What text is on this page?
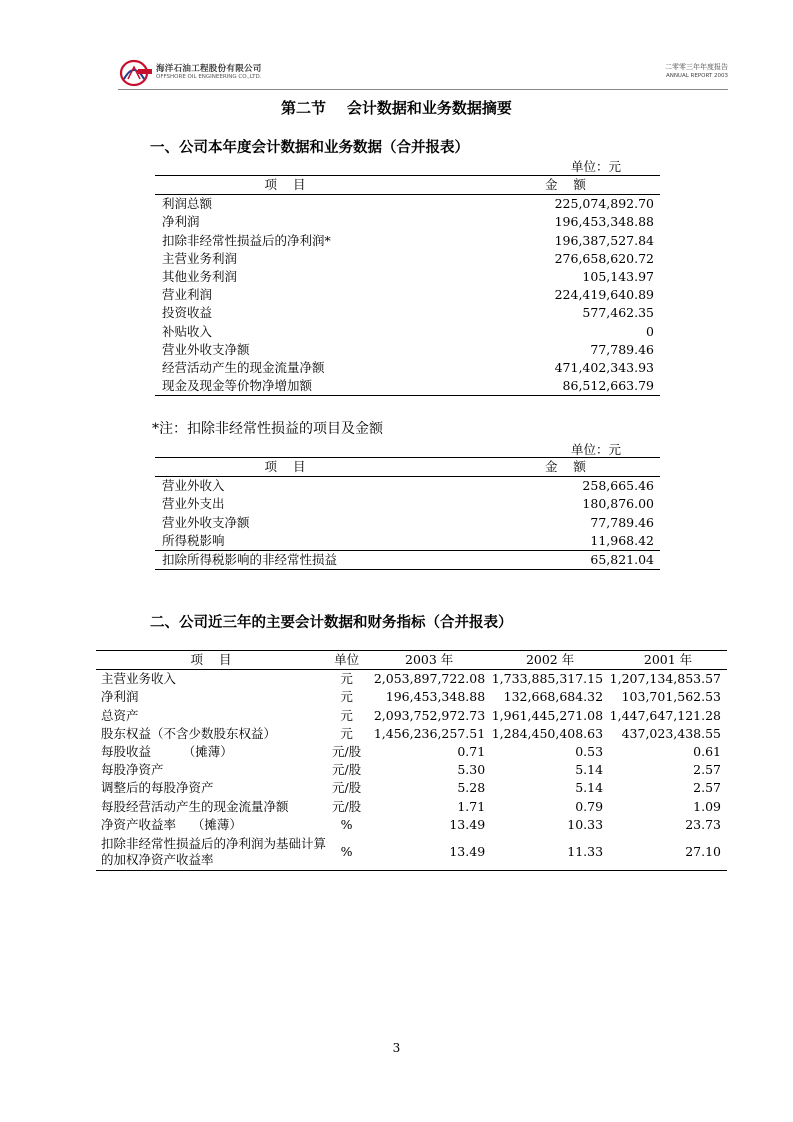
海洋石油工程股份有限公司
OFFSHORE OIL ENGINEERING CO.,LTD.
二零零三年年度报告
ANNUAL REPORT 2003
第二节    会计数据和业务数据摘要
一、公司本年度会计数据和业务数据（合并报表）
单位：元
项    目	金    额
利润总额	225,074,892.70
净利润	196,453,348.88
扣除非经常性损益后的净利润*	196,387,527.84
主营业务利润	276,658,620.72
其他业务利润	105,143.97
营业利润	224,419,640.89
投资收益	577,462.35
补贴收入	0
营业外收支净额	77,789.46
经营活动产生的现金流量净额	471,402,343.93
现金及现金等价物净增加额	86,512,663.79
*注：扣除非经常性损益的项目及金额
单位：元
项    目	金    额
营业外收入	258,665.46
营业外支出	180,876.00
营业外收支净额	77,789.46
所得税影响	11,968.42
扣除所得税影响的非经常性损益	65,821.04
二、公司近三年的主要会计数据和财务指标（合并报表）
项    目	单位	2003 年	2002 年	2001 年
主营业务收入	元	2,053,897,722.08	1,733,885,317.15	1,207,134,853.57
净利润	元	196,453,348.88	132,668,684.32	103,701,562.53
总资产	元	2,093,752,972.73	1,961,445,271.08	1,447,647,121.28
股东权益（不含少数股东权益）	元	1,456,236,257.51	1,284,450,408.63	437,023,438.55
每股收益        （摊薄）	元/股	0.71	0.53	0.61
每股净资产	元/股	5.30	5.14	2.57
调整后的每股净资产	元/股	5.28	5.14	2.57
每股经营活动产生的现金流量净额	元/股	1.71	0.79	1.09
净资产收益率    （摊薄）	%	13.49	10.33	23.73

扣除非经常性损益后的净利润为基础计算的加权净资产收益率	%	13.49	11.33	27.10
3
